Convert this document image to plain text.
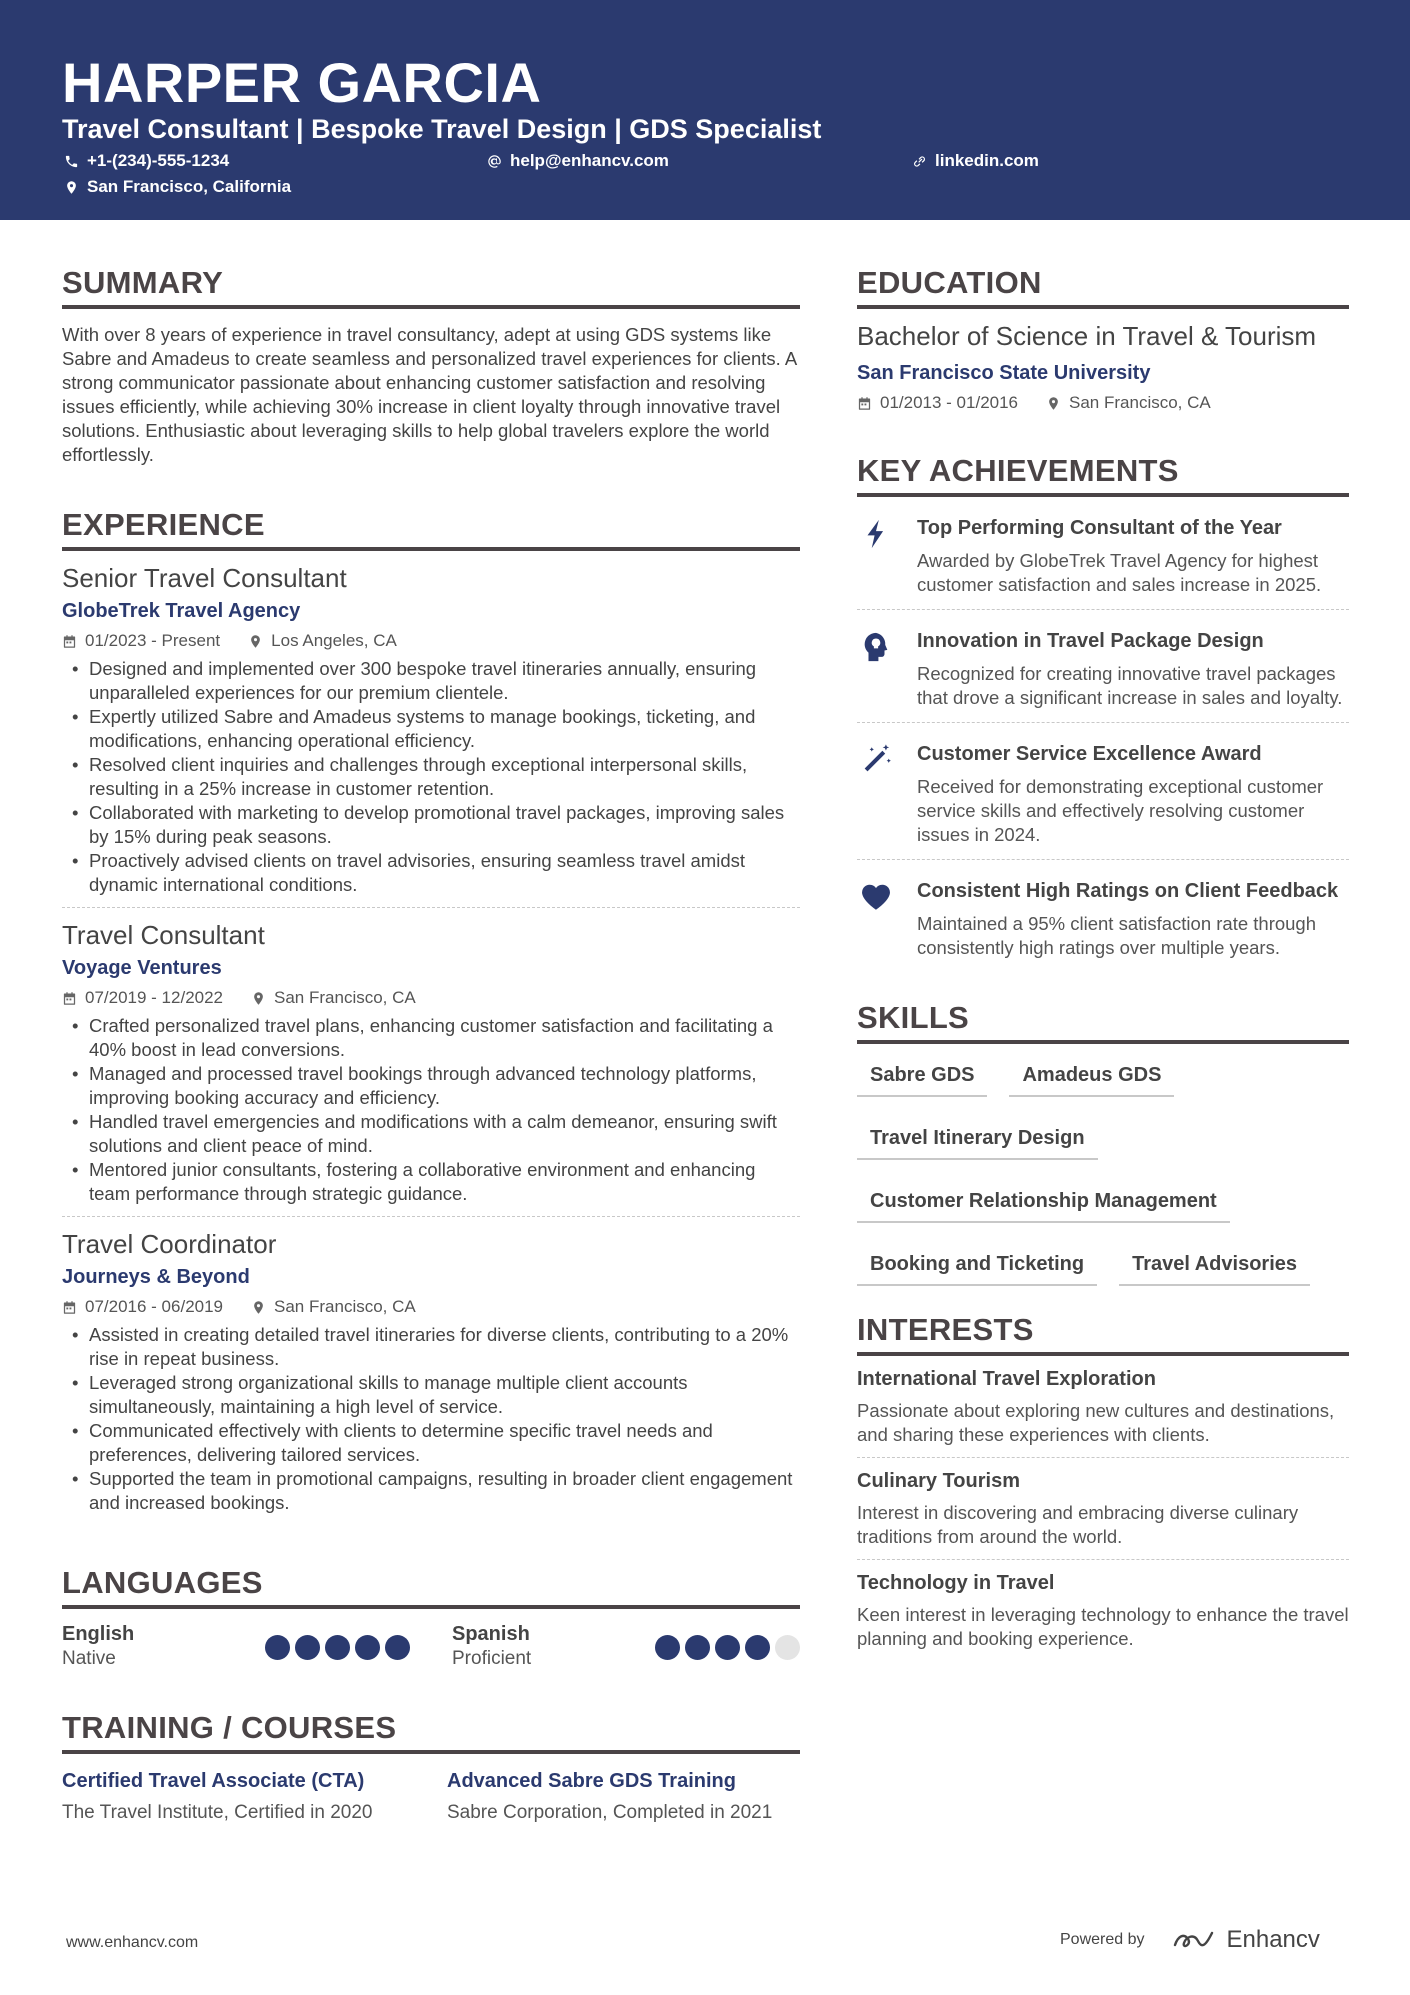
HARPER GARCIA
Travel Consultant | Bespoke Travel Design | GDS Specialist
+1-(234)-555-1234	help@enhancv.com	linkedin.com
San Francisco, California
SUMMARY

With over 8 years of experience in travel consultancy, adept at using GDS systems like Sabre and Amadeus to create seamless and personalized travel experiences for clients. A strong communicator passionate about enhancing customer satisfaction and resolving issues efficiently, while achieving 30% increase in client loyalty through innovative travel solutions. Enthusiastic about leveraging skills to help global travelers explore the world effortlessly.

EXPERIENCE
Senior Travel Consultant
GlobeTrek Travel Agency
01/2023 - Present	Los Angeles, CA
• Designed and implemented over 300 bespoke travel itineraries annually, ensuring unparalleled experiences for our premium clientele.
• Expertly utilized Sabre and Amadeus systems to manage bookings, ticketing, and modifications, enhancing operational efficiency.
• Resolved client inquiries and challenges through exceptional interpersonal skills, resulting in a 25% increase in customer retention.
• Collaborated with marketing to develop promotional travel packages, improving sales by 15% during peak seasons.
• Proactively advised clients on travel advisories, ensuring seamless travel amidst dynamic international conditions.
Travel Consultant
Voyage Ventures
07/2019 - 12/2022	San Francisco, CA
• Crafted personalized travel plans, enhancing customer satisfaction and facilitating a 40% boost in lead conversions.
• Managed and processed travel bookings through advanced technology platforms, improving booking accuracy and efficiency.
• Handled travel emergencies and modifications with a calm demeanor, ensuring swift solutions and client peace of mind.
• Mentored junior consultants, fostering a collaborative environment and enhancing team performance through strategic guidance.
Travel Coordinator
Journeys & Beyond
07/2016 - 06/2019	San Francisco, CA
• Assisted in creating detailed travel itineraries for diverse clients, contributing to a 20% rise in repeat business.
• Leveraged strong organizational skills to manage multiple client accounts simultaneously, maintaining a high level of service.
• Communicated effectively with clients to determine specific travel needs and preferences, delivering tailored services.
• Supported the team in promotional campaigns, resulting in broader client engagement and increased bookings.
LANGUAGES
English
Native
Spanish
Proficient
TRAINING / COURSES
Certified Travel Associate (CTA)
The Travel Institute, Certified in 2020
Advanced Sabre GDS Training
Sabre Corporation, Completed in 2021
EDUCATION
Bachelor of Science in Travel & Tourism
San Francisco State University
01/2013 - 01/2016	San Francisco, CA
KEY ACHIEVEMENTS
Top Performing Consultant of the Year
Awarded by GlobeTrek Travel Agency for highest customer satisfaction and sales increase in 2025.
Innovation in Travel Package Design
Recognized for creating innovative travel packages that drove a significant increase in sales and loyalty.
Customer Service Excellence Award
Received for demonstrating exceptional customer service skills and effectively resolving customer issues in 2024.
Consistent High Ratings on Client Feedback
Maintained a 95% client satisfaction rate through consistently high ratings over multiple years.
SKILLS
Sabre GDS	Amadeus GDS
Travel Itinerary Design
Customer Relationship Management
Booking and Ticketing	Travel Advisories
INTERESTS
International Travel Exploration
Passionate about exploring new cultures and destinations, and sharing these experiences with clients.
Culinary Tourism
Interest in discovering and embracing diverse culinary traditions from around the world.
Technology in Travel
Keen interest in leveraging technology to enhance the travel planning and booking experience.
www.enhancv.com	Powered by	Enhancv
